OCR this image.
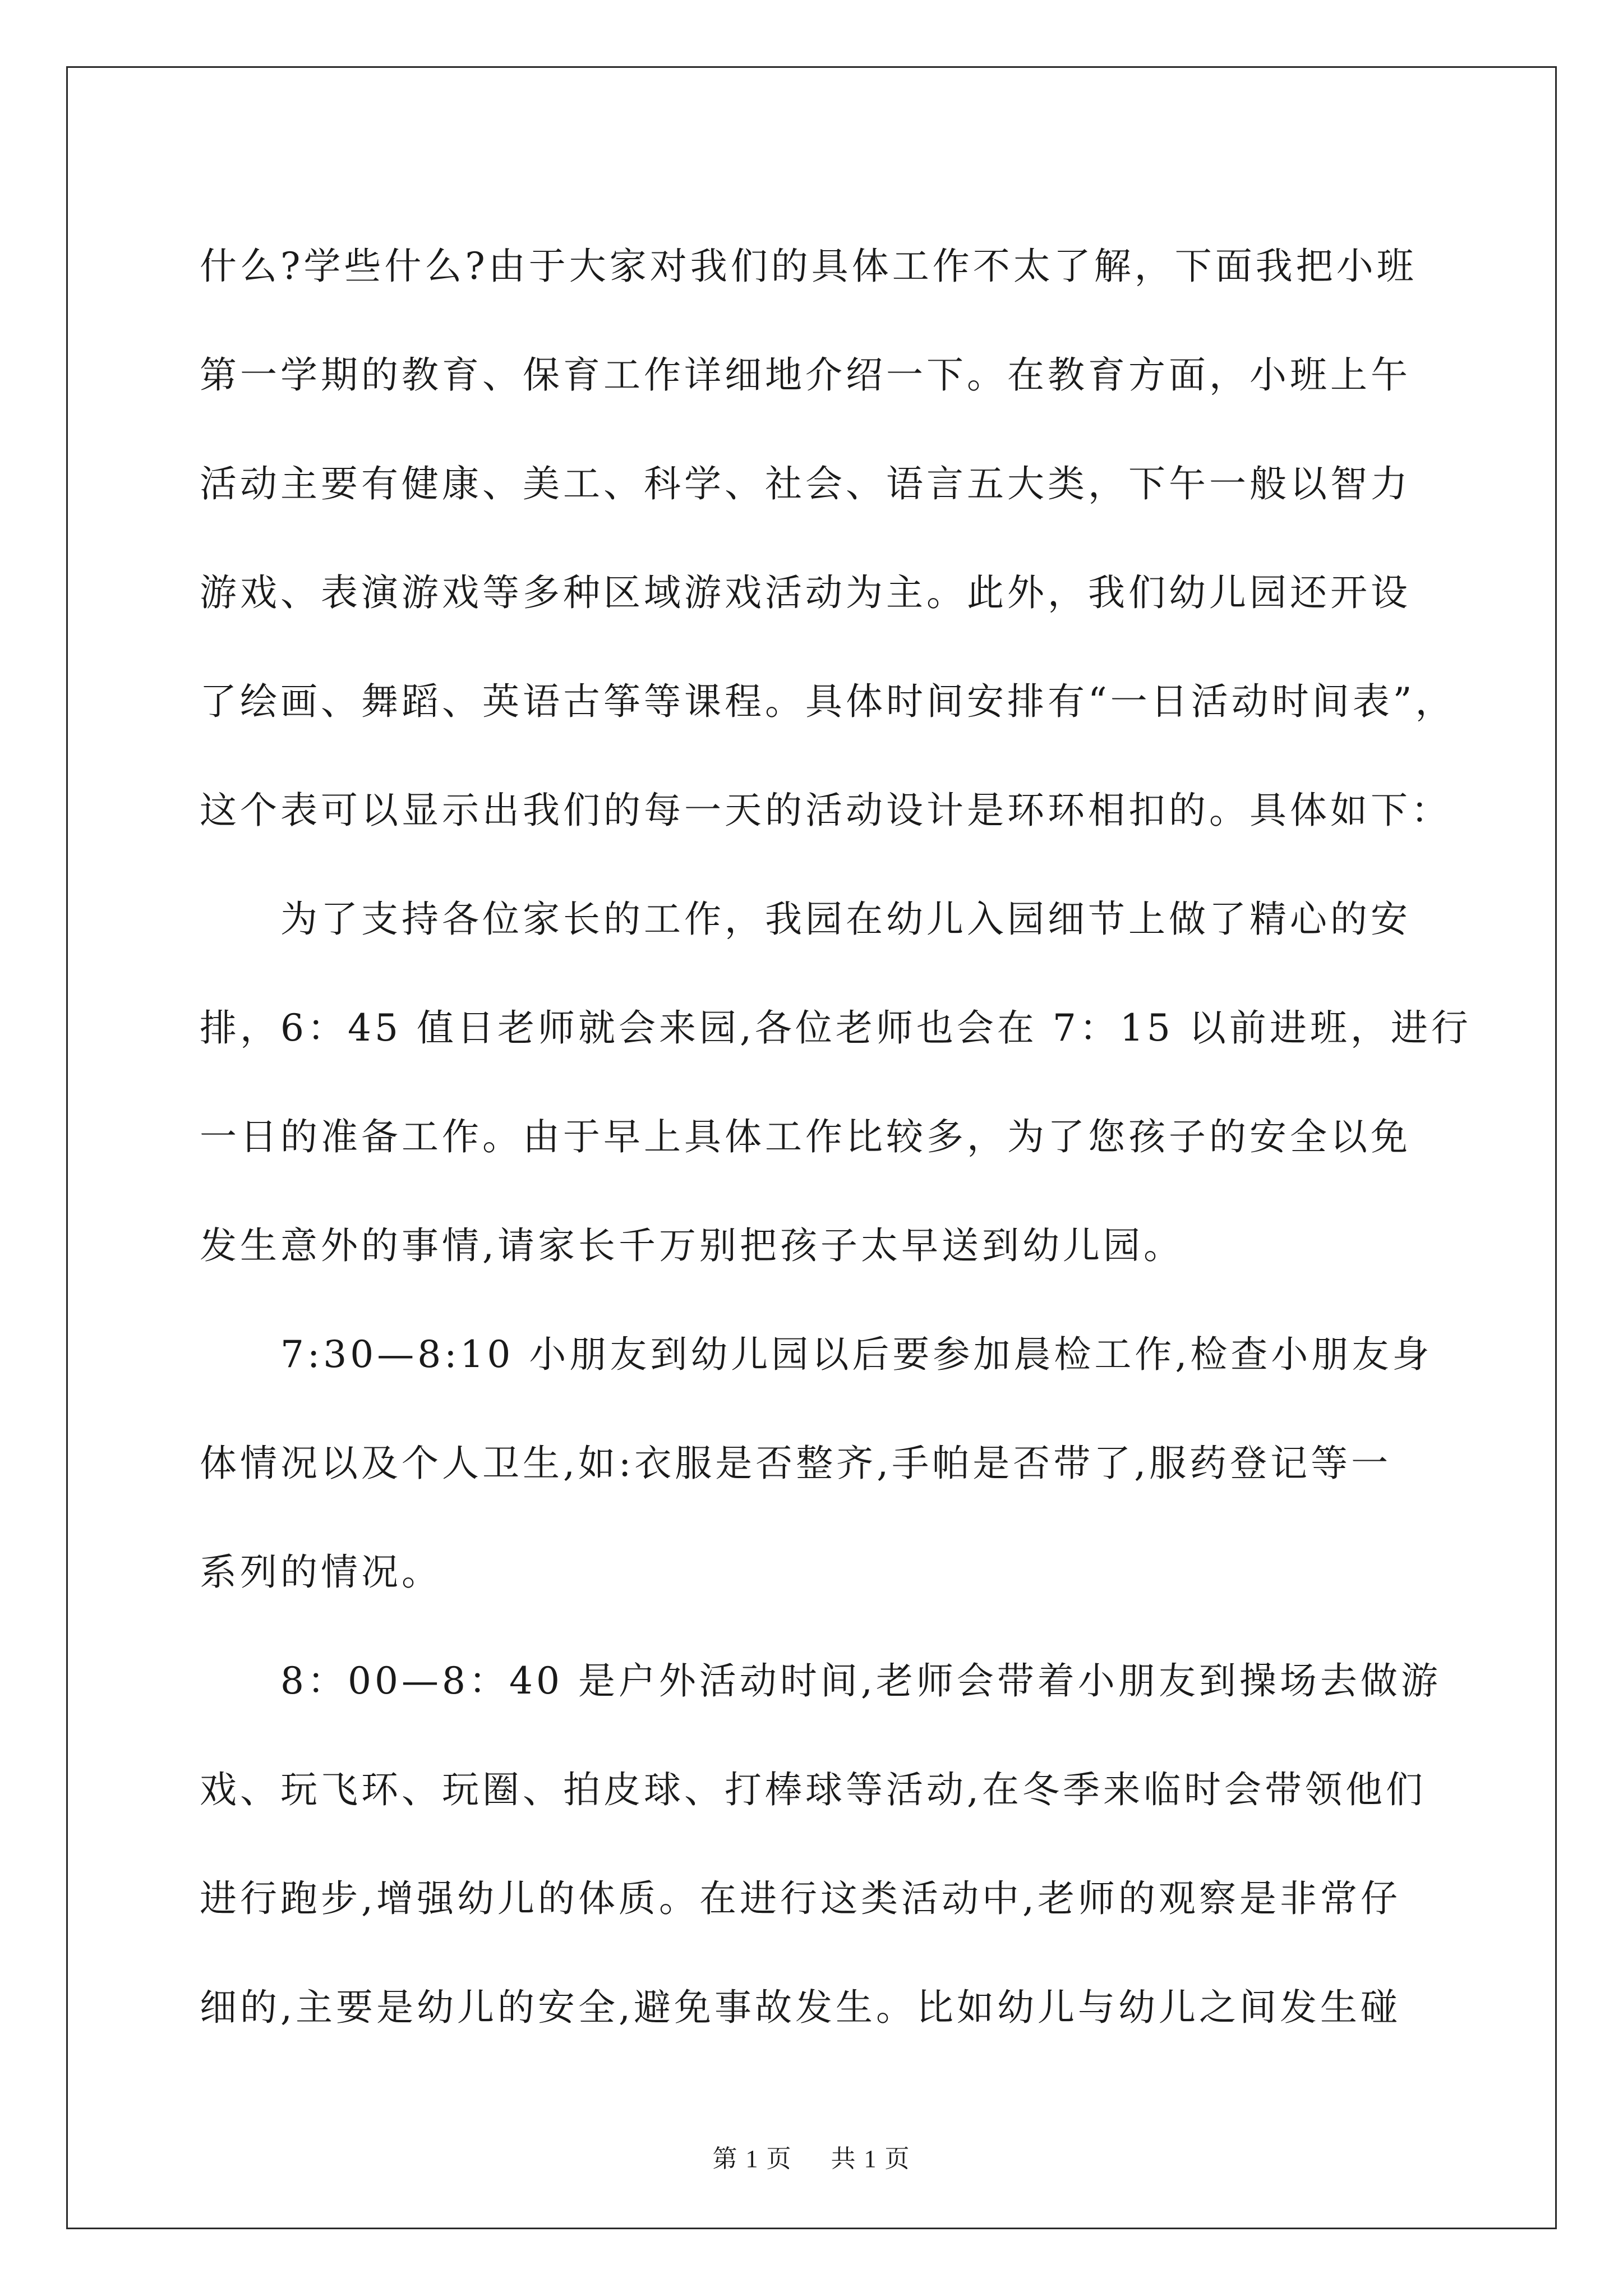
什么?学些什么?由于大家对我们的具体工作不太了解，下面我把小班
第一学期的教育、保育工作详细地介绍一下。在教育方面，小班上午
活动主要有健康、美工、科学、社会、语言五大类，下午一般以智力
游戏、表演游戏等多种区域游戏活动为主。此外，我们幼儿园还开设
了绘画、舞蹈、英语古筝等课程。具体时间安排有“一日活动时间表”，
这个表可以显示出我们的每一天的活动设计是环环相扣的。具体如下：
　　为了支持各位家长的工作，我园在幼儿入园细节上做了精心的安
排，6：45 值日老师就会来园,各位老师也会在 7：15 以前进班，进行
一日的准备工作。由于早上具体工作比较多，为了您孩子的安全以免
发生意外的事情,请家长千万别把孩子太早送到幼儿园。
　　7:30—8:10 小朋友到幼儿园以后要参加晨检工作,检查小朋友身
体情况以及个人卫生,如:衣服是否整齐,手帕是否带了,服药登记等一
系列的情况。
　　8：00—8：40 是户外活动时间,老师会带着小朋友到操场去做游
戏、玩飞环、玩圈、拍皮球、打棒球等活动,在冬季来临时会带领他们
进行跑步,增强幼儿的体质。在进行这类活动中,老师的观察是非常仔
细的,主要是幼儿的安全,避免事故发生。比如幼儿与幼儿之间发生碰
第 1 页 共 1 页
